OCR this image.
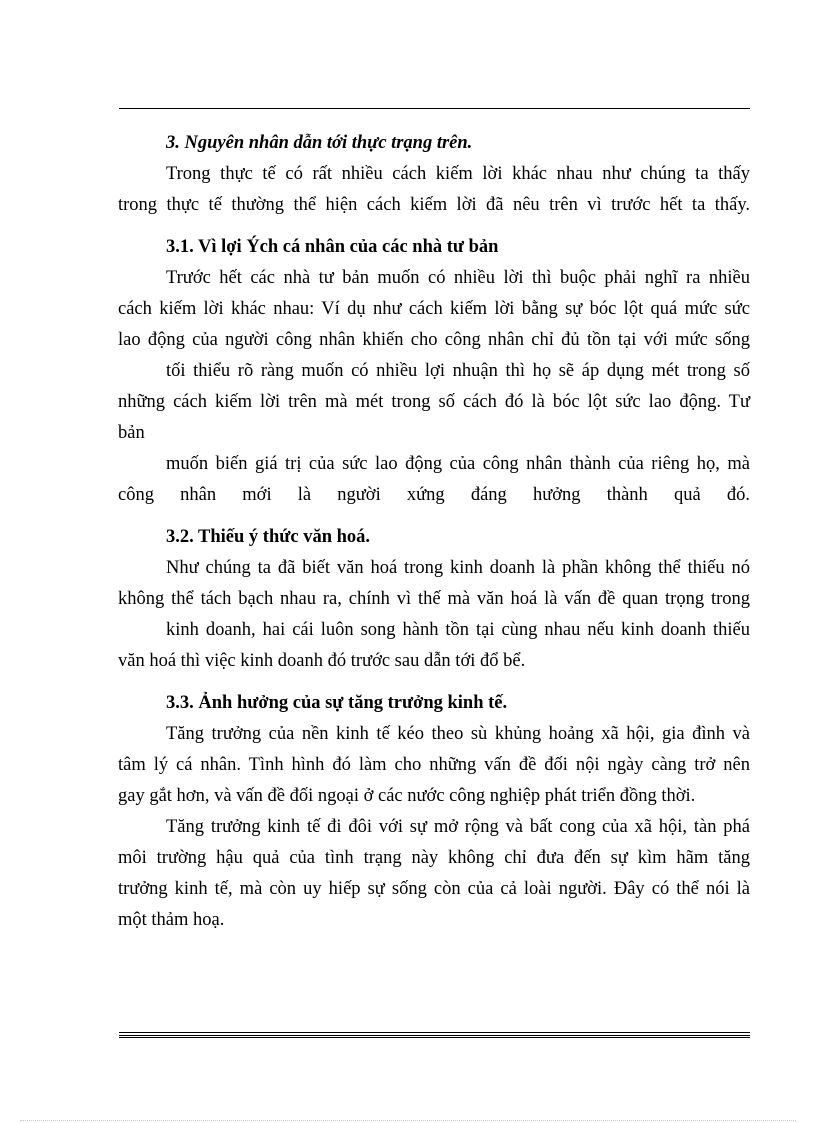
3. Nguyên nhân dẫn tới thực trạng trên.
Trong thực tế có rất nhiều cách kiếm lời khác nhau như chúng ta thấy
trong thực tế thường thể hiện cách kiếm lời đã nêu trên vì trước hết ta thấy.
3.1. Vì lợi Ých cá nhân của các nhà tư bản
Trước hết các nhà tư bản muốn có nhiều lời thì buộc phải nghĩ ra nhiều
cách kiếm lời khác nhau: Ví dụ như cách kiếm lời bằng sự bóc lột quá mức sức
lao động của người công nhân khiến cho công nhân chỉ đủ tồn tại với mức sống
tối thiểu rõ ràng muốn có nhiều lợi nhuận thì họ sẽ áp dụng mét trong số
những cách kiếm lời trên mà mét trong số cách đó là bóc lột sức lao động. Tư
bản
muốn biến giá trị của sức lao động của công nhân thành của riêng họ, mà
công nhân mới là người xứng đáng hưởng thành quả đó.
3.2. Thiếu ý thức văn hoá.
Như chúng ta đã biết văn hoá trong kinh doanh là phần không thể thiếu nó
không thể tách bạch nhau ra, chính vì thế mà văn hoá là vấn đề quan trọng trong
kinh doanh, hai cái luôn song hành tồn tại cùng nhau nếu kinh doanh thiếu
văn hoá thì việc kinh doanh đó trước sau dẫn tới đổ bể.
3.3. Ảnh hưởng của sự tăng trưởng kinh tế.
Tăng trưởng của nền kinh tế kéo theo sù khủng hoảng xã hội, gia đình và
tâm lý cá nhân. Tình hình đó làm cho những vấn đề đối nội ngày càng trở nên
gay gắt hơn, và vấn đề đối ngoại ở các nước công nghiệp phát triển đồng thời.
Tăng trưởng kinh tế đi đôi với sự mở rộng và bất cong của xã hội, tàn phá
môi trường hậu quả của tình trạng này không chỉ đưa đến sự kìm hãm tăng
trưởng kinh tế, mà còn uy hiếp sự sống còn của cả loài người. Đây có thể nói là
một thảm hoạ.
